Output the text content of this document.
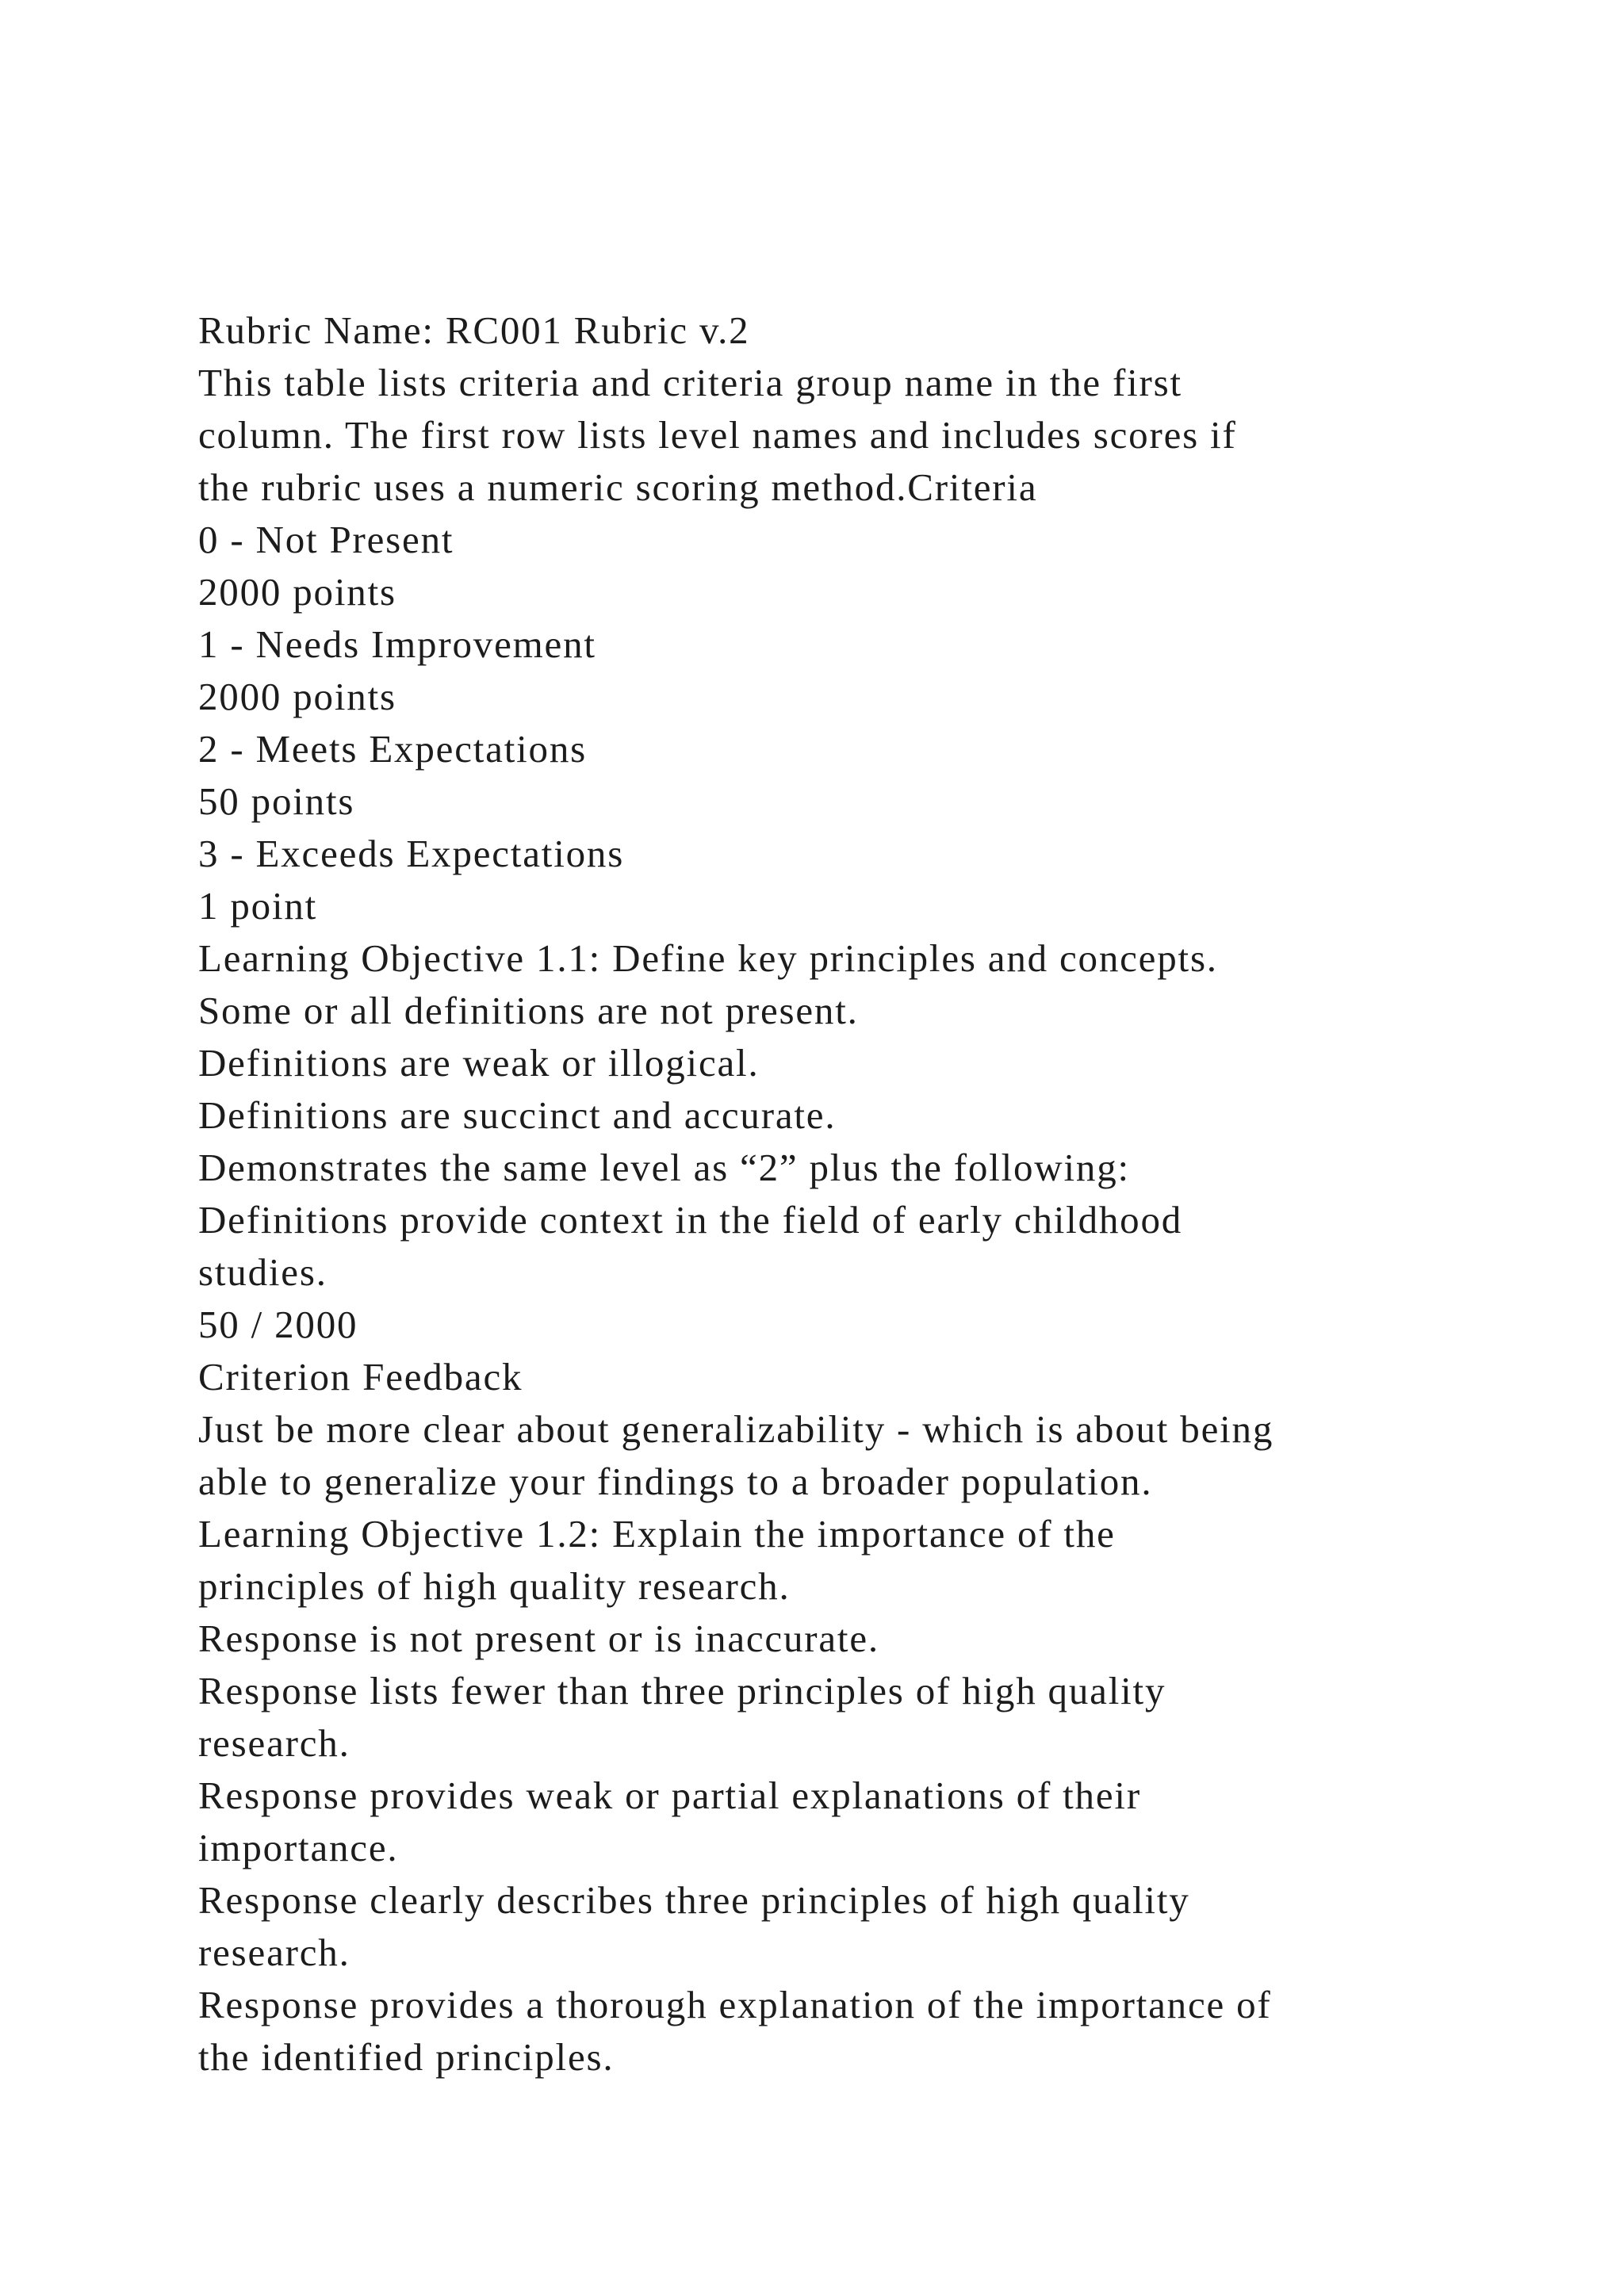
Rubric Name: RC001 Rubric v.2
This table lists criteria and criteria group name in the first
column. The first row lists level names and includes scores if
the rubric uses a numeric scoring method.Criteria
0 - Not Present
2000 points
1 - Needs Improvement
2000 points
2 - Meets Expectations
50 points
3 - Exceeds Expectations
1 point
Learning Objective 1.1: Define key principles and concepts.
Some or all definitions are not present.
Definitions are weak or illogical.
Definitions are succinct and accurate.
Demonstrates the same level as “2” plus the following:
Definitions provide context in the field of early childhood
studies.
50 / 2000
Criterion Feedback
Just be more clear about generalizability - which is about being
able to generalize your findings to a broader population.
Learning Objective 1.2: Explain the importance of the
principles of high quality research.
Response is not present or is inaccurate.
Response lists fewer than three principles of high quality
research.
Response provides weak or partial explanations of their
importance.
Response clearly describes three principles of high quality
research.
Response provides a thorough explanation of the importance of
the identified principles.
